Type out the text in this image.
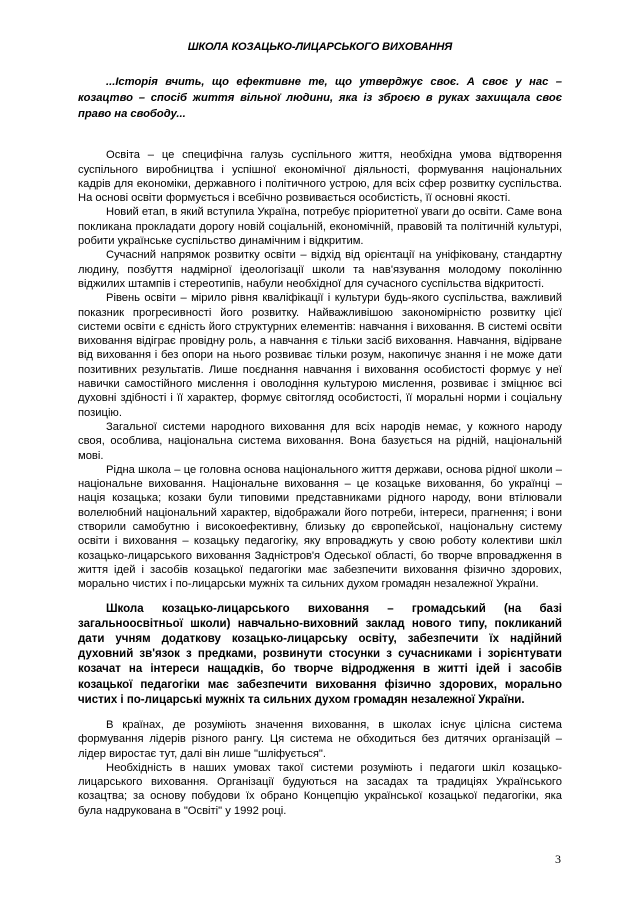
ШКОЛА КОЗАЦЬКО-ЛИЦАРСЬКОГО ВИХОВАННЯ

...Історія вчить, що ефективне те, що утверджує своє. А своє у нас – козацтво – спосіб життя вільної людини, яка із зброєю в руках захищала своє право на свободу...

Освіта – це специфічна галузь суспільного життя, необхідна умова відтворення суспільного виробництва і успішної економічної діяльності, формування національних кадрів для економіки, державного і політичного устрою, для всіх сфер розвитку суспільства. На основі освіти формується і всебічно розвивається особистість, її основні якості.

Новий етап, в який вступила Україна, потребує пріоритетної уваги до освіти. Саме вона покликана прокладати дорогу новій соціальній, економічній, правовій та політичній культурі, робити українське суспільство динамічним і відкритим.

Сучасний напрямок розвитку освіти – відхід від орієнтації на уніфіковану, стандартну людину, позбуття надмірної ідеологізації школи та нав'язування молодому поколінню віджилих штампів і стереотипів, набули необхідної для сучасного суспільства відкритості.

Рівень освіти – мірило рівня кваліфікації і культури будь-якого суспільства, важливий показник прогресивності його розвитку. Найважливішою закономірністю розвитку цієї системи освіти є єдність його структурних елементів: навчання і виховання. В системі освіти виховання відіграє провідну роль, а навчання є тільки засіб виховання. Навчання, відірване від виховання і без опори на нього розвиває тільки розум, накопичує знання і не може дати позитивних результатів. Лише поєднання навчання і виховання особистості формує у неї навички самостійного мислення і оволодіння культурою мислення, розвиває і зміцнює всі духовні здібності і її характер, формує світогляд особистості, її моральні норми і соціальну позицію.

Загальної системи народного виховання для всіх народів немає, у кожного народу своя, особлива, національна система виховання. Вона базується на рідній, національній мові.

Рідна школа – це головна основа національного життя держави, основа рідної школи – національне виховання. Національне виховання – це козацьке виховання, бо українці – нація козацька; козаки були типовими представниками рідного народу, вони втілювали волелюбний національний характер, відображали його потреби, інтереси, прагнення; і вони створили самобутню і високоефективну, близьку до європейської, національну систему освіти і виховання – козацьку педагогіку, яку впроваджуть у свою роботу колективи шкіл козацько-лицарського виховання Задністров'я Одеської області, бо творче впровадження в життя ідей і засобів козацької педагогіки має забезпечити виховання фізично здорових, морально чистих і по-лицарськи мужніх та сильних духом громадян незалежної України.

Школа козацько-лицарського виховання – громадський (на базі загальноосвітньої школи) навчально-виховний заклад нового типу, покликаний дати учням додаткову козацько-лицарську освіту, забезпечити їх надійний духовний зв'язок з предками, розвинути стосунки з сучасниками і зорієнтувати козачат на інтереси нащадків, бо творче відродження в житті ідей і засобів козацької педагогіки має забезпечити виховання фізично здорових, морально чистих і по-лицарські мужніх та сильних духом громадян незалежної України.

В країнах, де розуміють значення виховання, в школах існує цілісна система формування лідерів різного рангу. Ця система не обходиться без дитячих організацій – лідер виростає тут, далі він лише "шліфується".

Необхідність в наших умовах такої системи розуміють і педагоги шкіл козацько-лицарського виховання. Організації будуються на засадах та традиціях Українського козацтва; за основу побудови їх обрано Концепцію української козацької педагогіки, яка була надрукована в "Освіті" у 1992 році.

3
